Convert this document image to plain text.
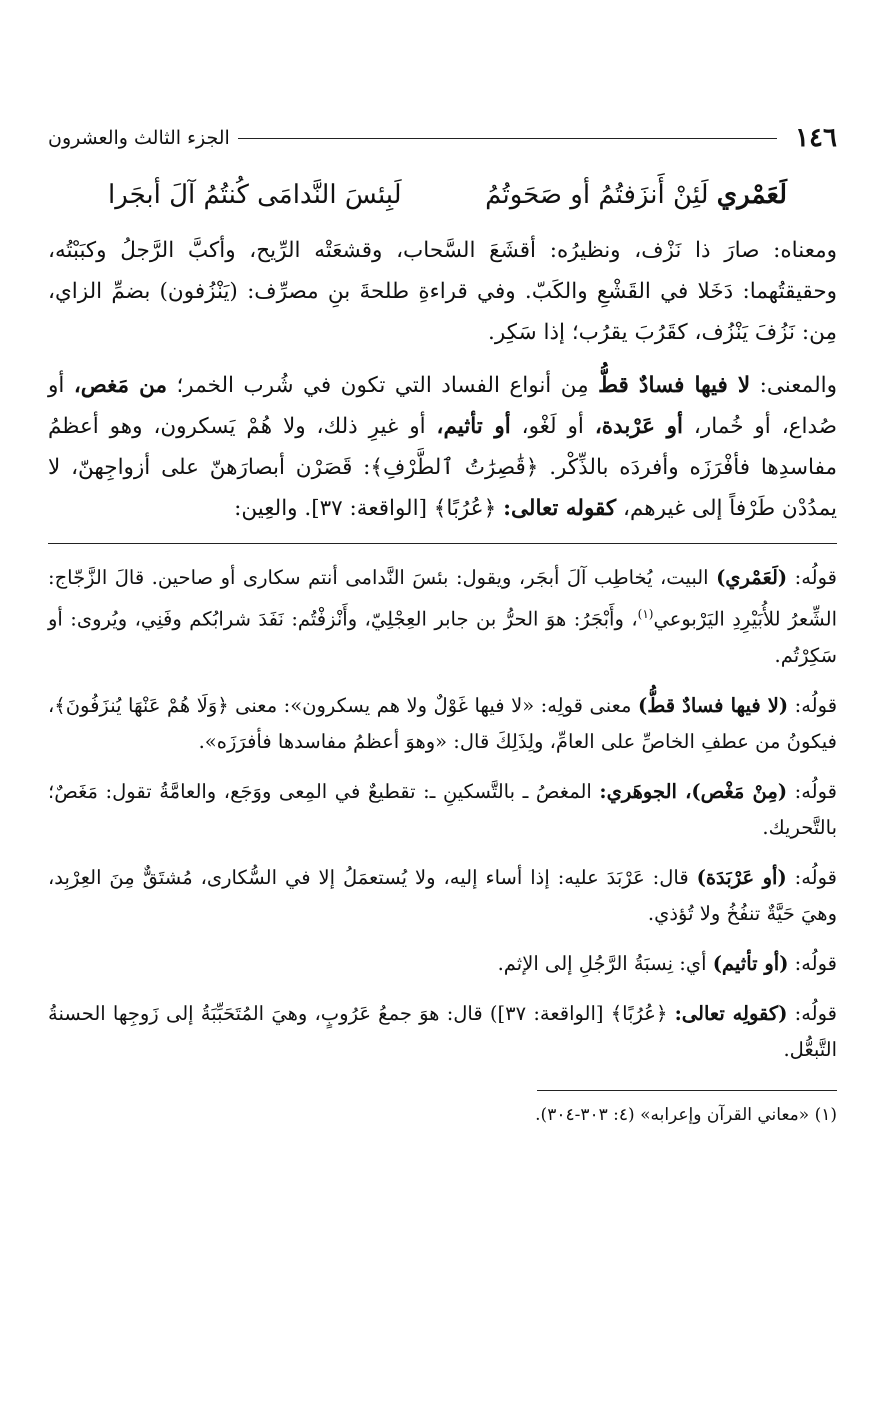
١٤٦
الجزء الثالث والعشرون
لَعَمْري لَئِنْ أَنزَفتُمُ أو صَحَوتُمُ
لَبِئسَ النَّدامَى كُنتُمُ آلَ أبجَرا

ومعناه: صارَ ذا نَزْف، ونظيرُه: أقشَعَ السَّحاب، وقشعَتْه الرِّيح، وأكبَّ الرَّجلُ وكبَبْتُه، وحقيقتُهما: دَخَلا في القَشْعِ والكَبّ. وفي قراءةِ طلحةَ بنِ مصرِّف: (يَنْزُفون) بضمِّ الزاي، مِن: نَزُفَ يَنْزُف، كقَرُبَ يقرُب؛ إذا سَكِر.

والمعنى: لا فيها فسادٌ قطُّ مِن أنواع الفساد التي تكون في شُرب الخمر؛ من مَغص، أو صُداع، أو خُمار، أو عَرْبدة، أو لَغْو، أو تأثيم، أو غيرِ ذلك، ولا هُمْ يَسكرون، وهو أعظمُ مفاسدِها فأفْرَزَه وأفردَه بالذِّكْر. ﴿قَٰصِرَٰتُ ٱلطَّرْفِ﴾: قَصَرْن أبصارَهنّ على أزواجِهنّ، لا يمدُدْن طَرْفاً إلى غيرهم، كقوله تعالى: ﴿عُرُبًا﴾ [الواقعة: ٣٧]. والعِين:

قولُه: (لَعَمْري) البيت، يُخاطِب آلَ أبجَر، ويقول: بئسَ النَّدامى أنتم سكارى أو صاحين. قالَ الزَّجّاج: الشِّعرُ للأُبَيْرِدِ اليَرْبوعي$^{(١)}$، وأَبْجَرُ: هوَ الحرُّ بن جابر العِجْلِيّ، وأَنْزفْتُم: نَفَدَ شرابُكم وفَنِي، ويُروى: أو سَكِرْتُم.

قولُه: (لا فيها فسادٌ قطُّ) معنى قولِه: «لا فيها غَوْلٌ ولا هم يسكرون»: معنى ﴿وَلَا هُمْ عَنْهَا يُنزَفُونَ﴾، فيكونُ من عطفِ الخاصِّ على العامِّ، ولِذَلِكَ قال: «وهوَ أعظمُ مفاسدها فأفرَزَه».

قولُه: (مِنْ مَغْص)، الجوهَري: المغصُ ـ بالتَّسكينِ ـ: تقطيعٌ في المِعى ووَجَع، والعامَّةُ تقول: مَغَصٌ؛ بالتَّحريك.

قولُه: (أو عَرْبَدَة) قال: عَرْبَدَ عليه: إذا أساء إليه، ولا يُستعمَلُ إلا في السُّكارى، مُشتَقٌّ مِنَ العِرْبِد، وهيَ حَيَّةٌ تنفُخُ ولا تُؤذي.

قولُه: (أو تأثيم) أي: نِسبَةُ الرَّجُلِ إلى الإثم.

قولُه: (كقولِه تعالى: ﴿عُرُبًا﴾ [الواقعة: ٣٧]) قال: هوَ جمعُ عَرُوبٍ، وهيَ المُتَحَبِّبَةُ إلى زَوجِها الحسنةُ التَّبعُّل.

(١) «معاني القرآن وإعرابه» (٤: ٣٠٣-٣٠٤).
